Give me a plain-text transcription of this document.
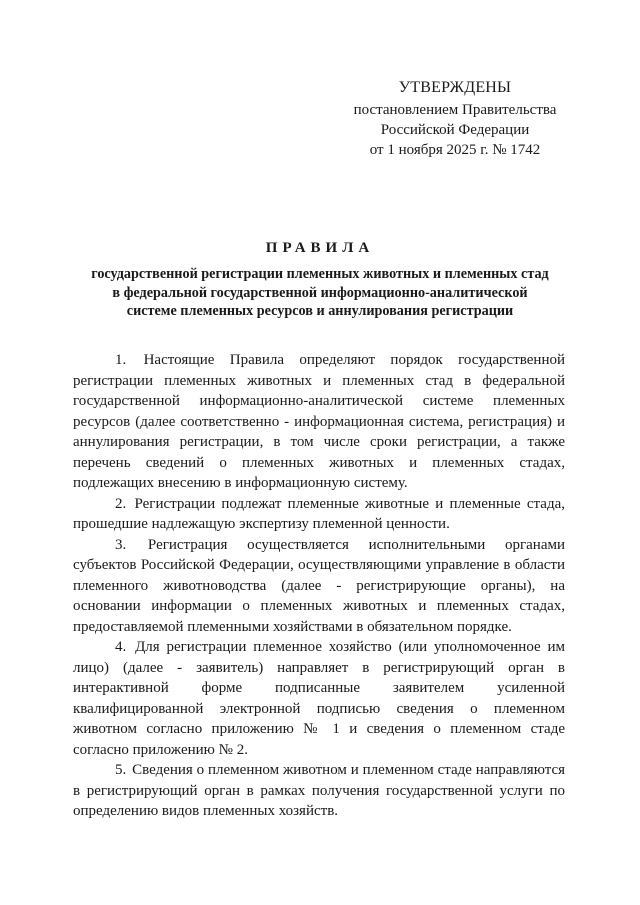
УТВЕРЖДЕНЫ
постановлением Правительства
Российской Федерации
от 1 ноября 2025 г. № 1742
ПРАВИЛА
государственной регистрации племенных животных и племенных стад
в федеральной государственной информационно-аналитической
системе племенных ресурсов и аннулирования регистрации

1. Настоящие Правила определяют порядок государственной регистрации племенных животных и племенных стад в федеральной государственной информационно-аналитической системе племенных ресурсов (далее соответственно - информационная система, регистрация) и аннулирования регистрации, в том числе сроки регистрации, а также перечень сведений о племенных животных и племенных стадах, подлежащих внесению в информационную систему.

2. Регистрации подлежат племенные животные и племенные стада, прошедшие надлежащую экспертизу племенной ценности.

3. Регистрация осуществляется исполнительными органами субъектов Российской Федерации, осуществляющими управление в области племенного животноводства (далее - регистрирующие органы), на основании информации о племенных животных и племенных стадах, предоставляемой племенными хозяйствами в обязательном порядке.

4. Для регистрации племенное хозяйство (или уполномоченное им лицо) (далее - заявитель) направляет в регистрирующий орган в интерактивной форме подписанные заявителем усиленной квалифицированной электронной подписью сведения о племенном животном согласно приложению № 1 и сведения о племенном стаде согласно приложению № 2.

5. Сведения о племенном животном и племенном стаде направляются в регистрирующий орган в рамках получения государственной услуги по определению видов племенных хозяйств.
